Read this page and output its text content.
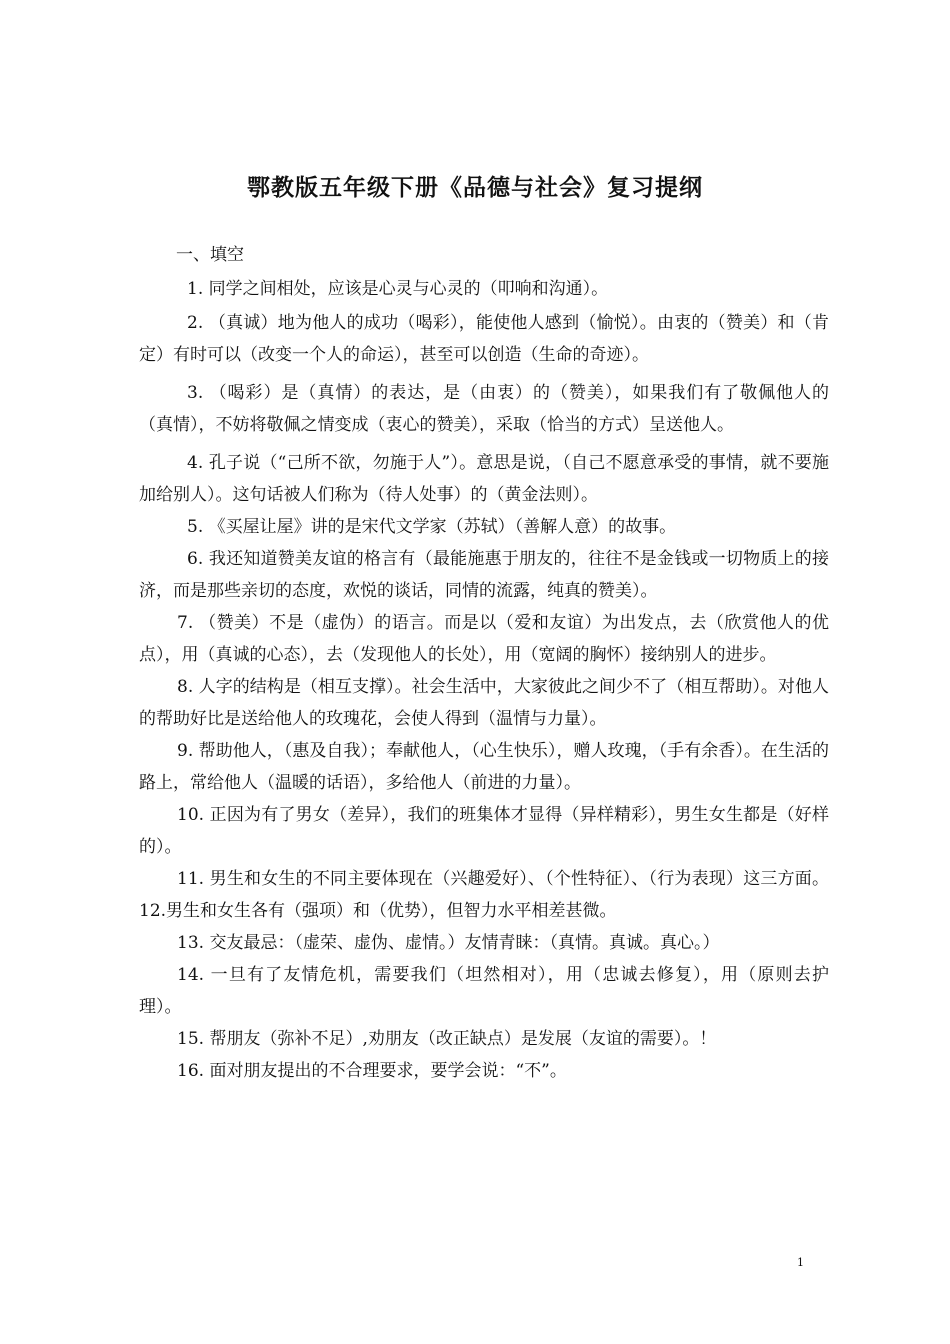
鄂教版五年级下册《品德与社会》复习提纲

一、填空

1. 同学之间相处，应该是心灵与心灵的（叩响和沟通）。
2. （真诚）地为他人的成功（喝彩），能使他人感到（愉悦）。由衷的（赞美）和（肯定）有时可以（改变一个人的命运），甚至可以创造（生命的奇迹）。
3. （喝彩）是（真情）的表达，是（由衷）的（赞美），如果我们有了敬佩他人的（真情），不妨将敬佩之情变成（衷心的赞美），采取（恰当的方式）呈送他人。
4. 孔子说（“己所不欲，勿施于人”）。意思是说，（自己不愿意承受的事情，就不要施加给别人）。这句话被人们称为（待人处事）的（黄金法则）。
5. 《买屋让屋》讲的是宋代文学家（苏轼）（善解人意）的故事。
6. 我还知道赞美友谊的格言有（最能施惠于朋友的，往往不是金钱或一切物质上的接济，而是那些亲切的态度，欢悦的谈话，同情的流露，纯真的赞美）。
7. （赞美）不是（虚伪）的语言。而是以（爱和友谊）为出发点，去（欣赏他人的优点），用（真诚的心态），去（发现他人的长处），用（宽阔的胸怀）接纳别人的进步。
8. 人字的结构是（相互支撑）。社会生活中，大家彼此之间少不了（相互帮助）。对他人的帮助好比是送给他人的玫瑰花，会使人得到（温情与力量）。
9. 帮助他人，（惠及自我）；奉献他人，（心生快乐），赠人玫瑰，（手有余香）。在生活的路上，常给他人（温暖的话语），多给他人（前进的力量）。
10. 正因为有了男女（差异），我们的班集体才显得（异样精彩），男生女生都是（好样的）。
11. 男生和女生的不同主要体现在（兴趣爱好）、（个性特征）、（行为表现）这三方面。12.男生和女生各有（强项）和（优势），但智力水平相差甚微。
13. 交友最忌：（虚荣、虚伪、虚情。）友情青睐：（真情。真诚。真心。）
14. 一旦有了友情危机，需要我们（坦然相对），用（忠诚去修复），用（原则去护理）。
15. 帮朋友（弥补不足）,劝朋友（改正缺点）是发展（友谊的需要）。！
16. 面对朋友提出的不合理要求，要学会说：“不”。
1
